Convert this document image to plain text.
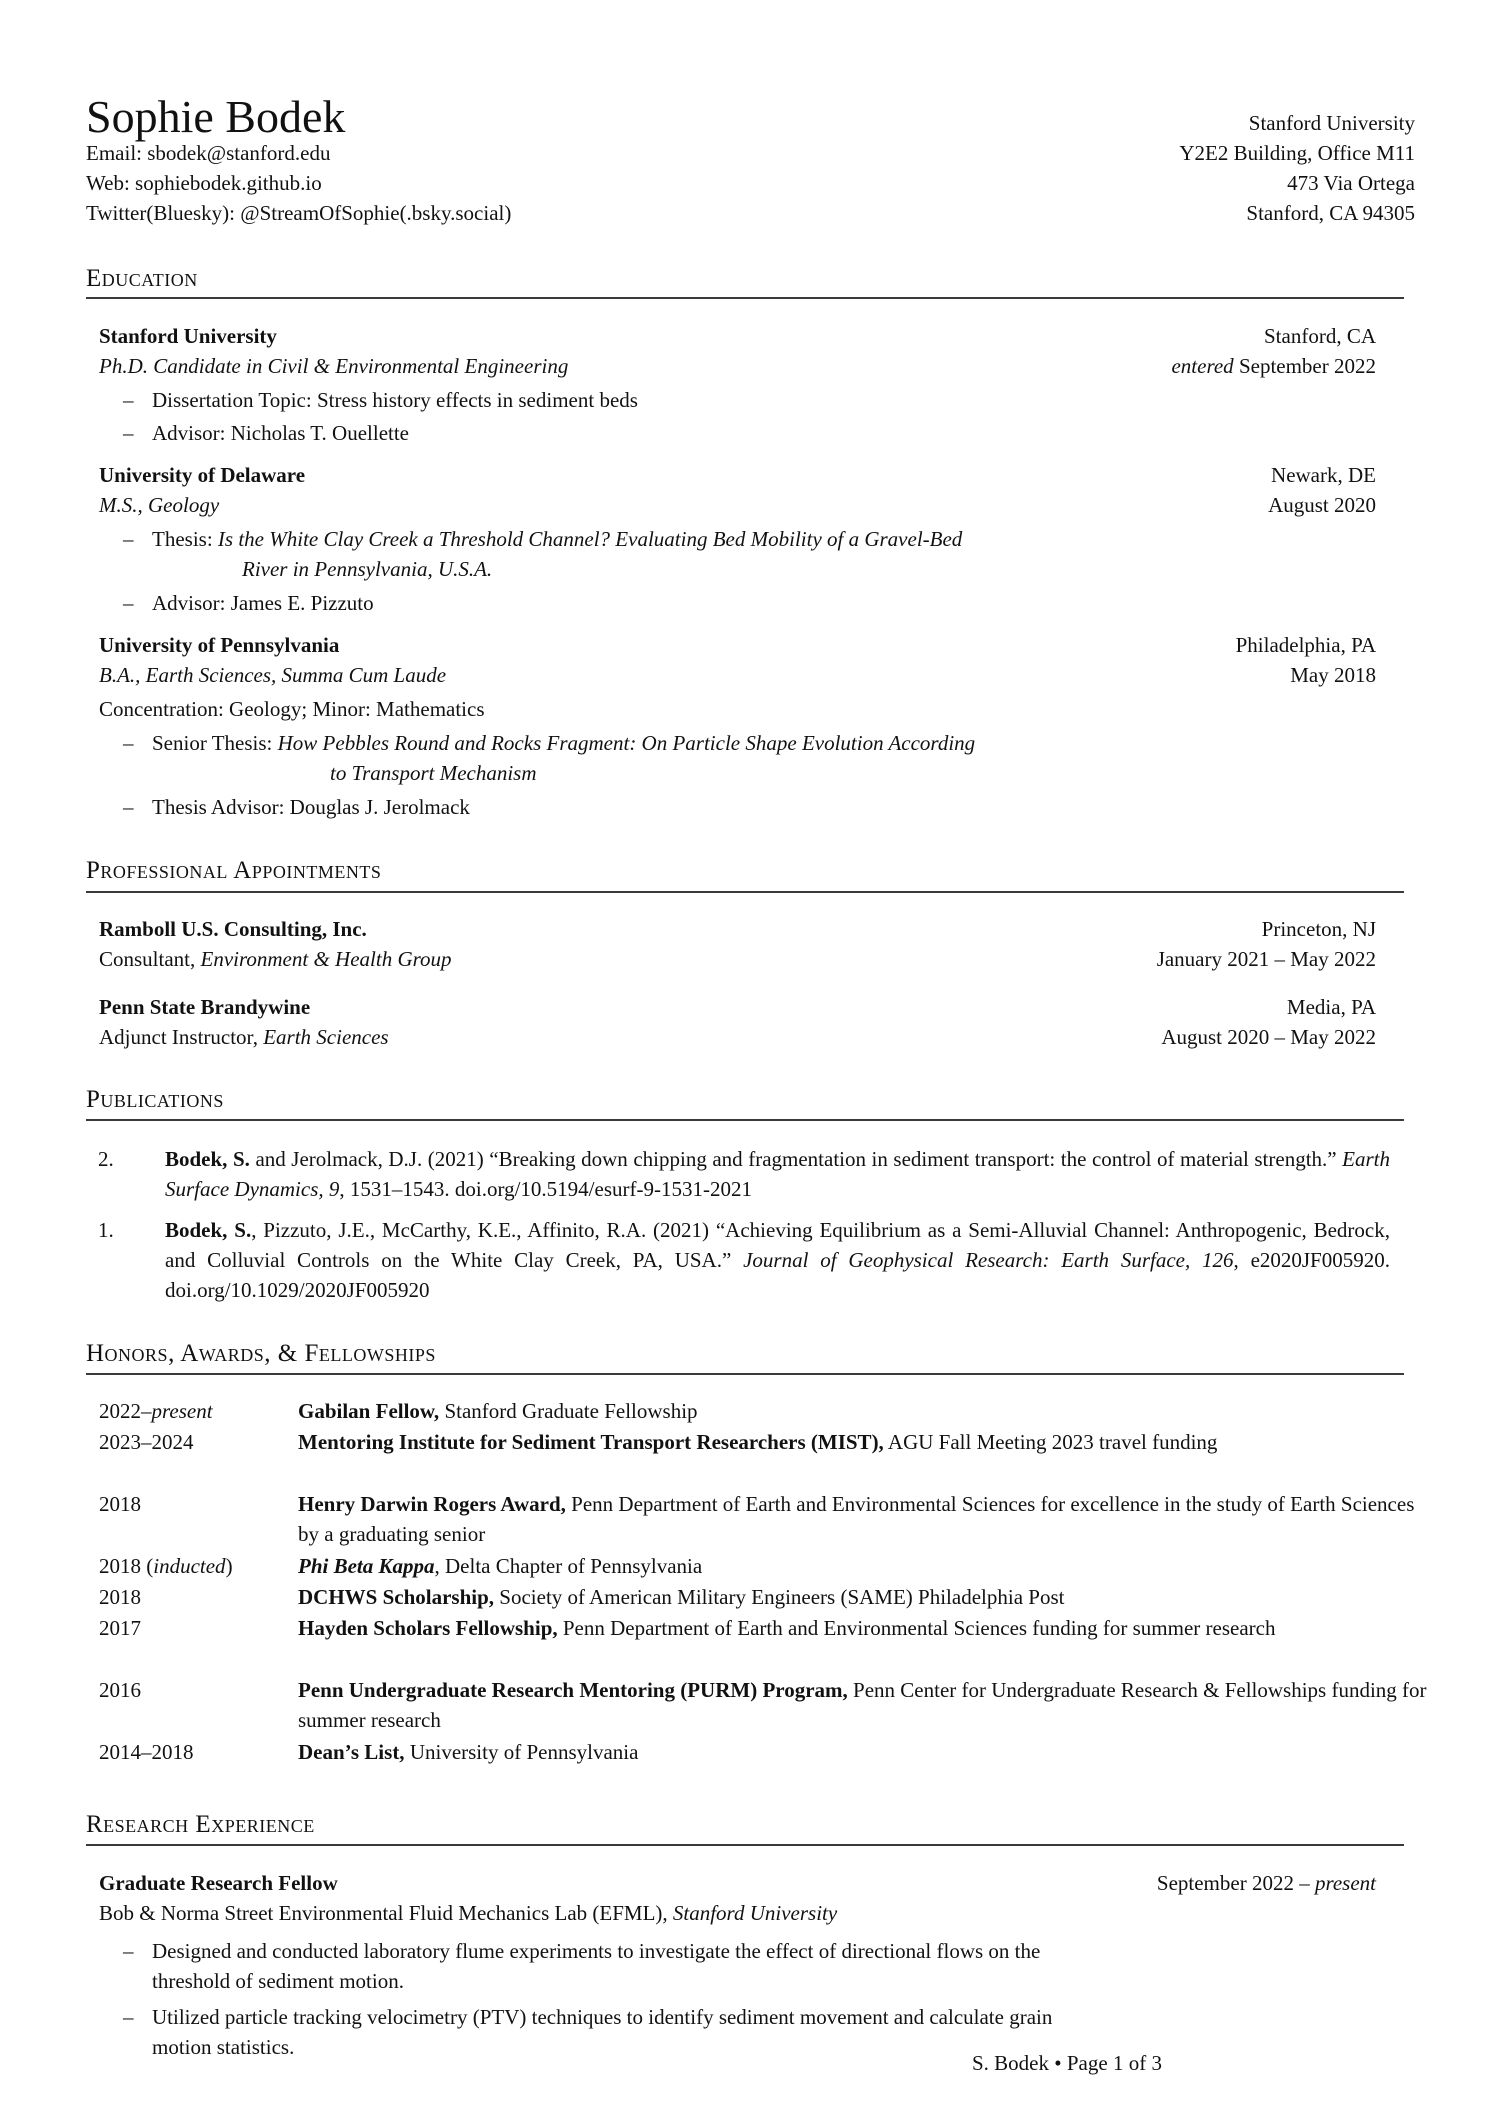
Sophie Bodek
Email: sbodek@stanford.edu
Web: sophiebodek.github.io
Twitter(Bluesky): @StreamOfSophie(.bsky.social)
Stanford University
Y2E2 Building, Office M11
473 Via Ortega
Stanford, CA 94305
Education
Stanford University	Stanford, CA
Ph.D. Candidate in Civil & Environmental Engineering	entered September 2022
– Dissertation Topic: Stress history effects in sediment beds
– Advisor: Nicholas T. Ouellette
University of Delaware	Newark, DE
M.S., Geology	August 2020
– Thesis: Is the White Clay Creek a Threshold Channel? Evaluating Bed Mobility of a Gravel-Bed
River in Pennsylvania, U.S.A.
– Advisor: James E. Pizzuto
University of Pennsylvania	Philadelphia, PA
B.A., Earth Sciences, Summa Cum Laude	May 2018
Concentration: Geology; Minor: Mathematics
– Senior Thesis: How Pebbles Round and Rocks Fragment: On Particle Shape Evolution According
to Transport Mechanism
– Thesis Advisor: Douglas J. Jerolmack
Professional Appointments
Ramboll U.S. Consulting, Inc.	Princeton, NJ
Consultant, Environment & Health Group	January 2021 – May 2022
Penn State Brandywine	Media, PA
Adjunct Instructor, Earth Sciences	August 2020 – May 2022
Publications
2. Bodek, S. and Jerolmack, D.J. (2021) “Breaking down chipping and fragmentation in sediment transport: the control of material strength.” Earth Surface Dynamics, 9, 1531–1543. doi.org/10.5194/esurf-9-1531-2021
1. Bodek, S., Pizzuto, J.E., McCarthy, K.E., Affinito, R.A. (2021) “Achieving Equilibrium as a Semi-Alluvial Channel: Anthropogenic, Bedrock, and Colluvial Controls on the White Clay Creek, PA, USA.” Journal of Geophysical Research: Earth Surface, 126, e2020JF005920. doi.org/10.1029/2020JF005920
Honors, Awards, & Fellowships
2022–present	Gabilan Fellow, Stanford Graduate Fellowship
2023–2024	Mentoring Institute for Sediment Transport Researchers (MIST), AGU Fall Meeting 2023 travel funding
2018	Henry Darwin Rogers Award, Penn Department of Earth and Environmental Sciences for excellence in the study of Earth Sciences by a graduating senior
2018 (inducted)	Phi Beta Kappa, Delta Chapter of Pennsylvania
2018	DCHWS Scholarship, Society of American Military Engineers (SAME) Philadelphia Post
2017	Hayden Scholars Fellowship, Penn Department of Earth and Environmental Sciences funding for summer research
2016	Penn Undergraduate Research Mentoring (PURM) Program, Penn Center for Undergraduate Research & Fellowships funding for summer research
2014–2018	Dean’s List, University of Pennsylvania
Research Experience
Graduate Research Fellow	September 2022 – present
Bob & Norma Street Environmental Fluid Mechanics Lab (EFML), Stanford University
– Designed and conducted laboratory flume experiments to investigate the effect of directional flows on the
threshold of sediment motion.
– Utilized particle tracking velocimetry (PTV) techniques to identify sediment movement and calculate grain
motion statistics.
S. Bodek • Page 1 of 3
